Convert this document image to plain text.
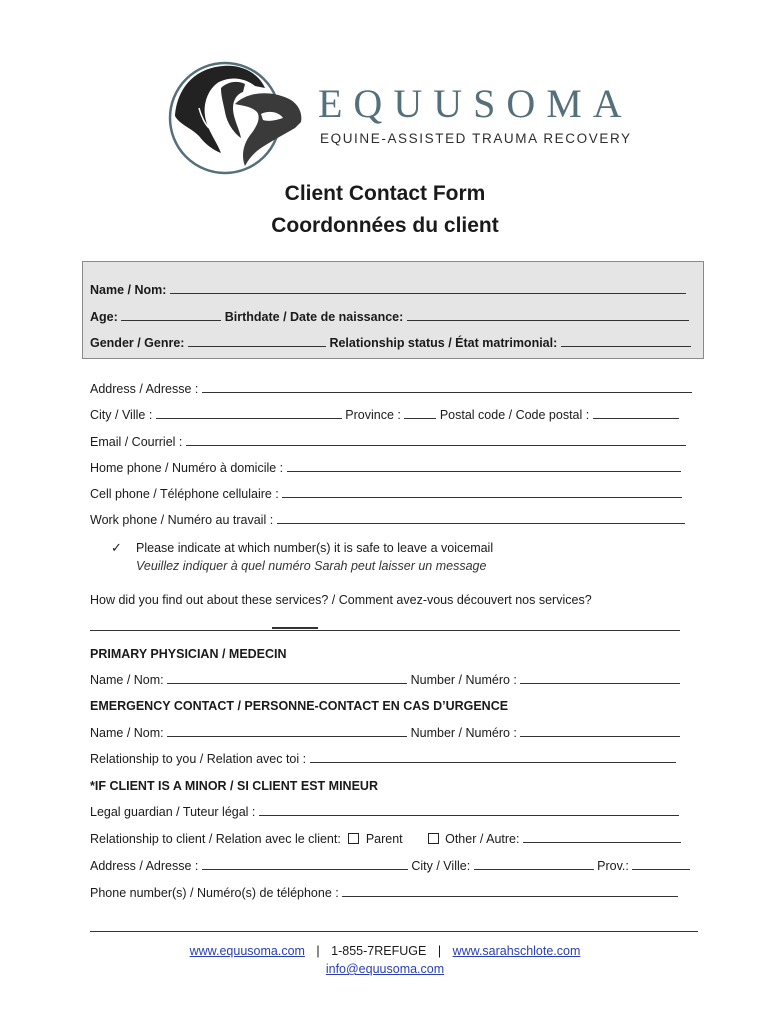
EQUUSOMA
EQUINE-ASSISTED TRAUMA RECOVERY
Client Contact Form
Coordonnées du client
Name / Nom:
Age:	Birthdate / Date de naissance:
Gender / Genre:	Relationship status / État matrimonial:
Address / Adresse :
City / Ville :	Province :	Postal code / Code postal :
Email / Courriel :
Home phone / Numéro à domicile :
Cell phone / Téléphone cellulaire :
Work phone / Numéro au travail :
✓ Please indicate at which number(s) it is safe to leave a voicemail
Veuillez indiquer à quel numéro Sarah peut laisser un message
How did you find out about these services? / Comment avez-vous découvert nos services?
PRIMARY PHYSICIAN / MEDECIN
Name / Nom:	Number / Numéro :
EMERGENCY CONTACT / PERSONNE-CONTACT EN CAS D’URGENCE
Name / Nom:	Number / Numéro :
Relationship to you / Relation avec toi :
*IF CLIENT IS A MINOR / SI CLIENT EST MINEUR
Legal guardian / Tuteur légal :
Relationship to client / Relation avec le client: Parent	Other / Autre:
Address / Adresse :	City / Ville:	Prov.:
Phone number(s) / Numéro(s) de téléphone :
www.equusoma.com | 1-855-7REFUGE | www.sarahschlote.com
info@equusoma.com
